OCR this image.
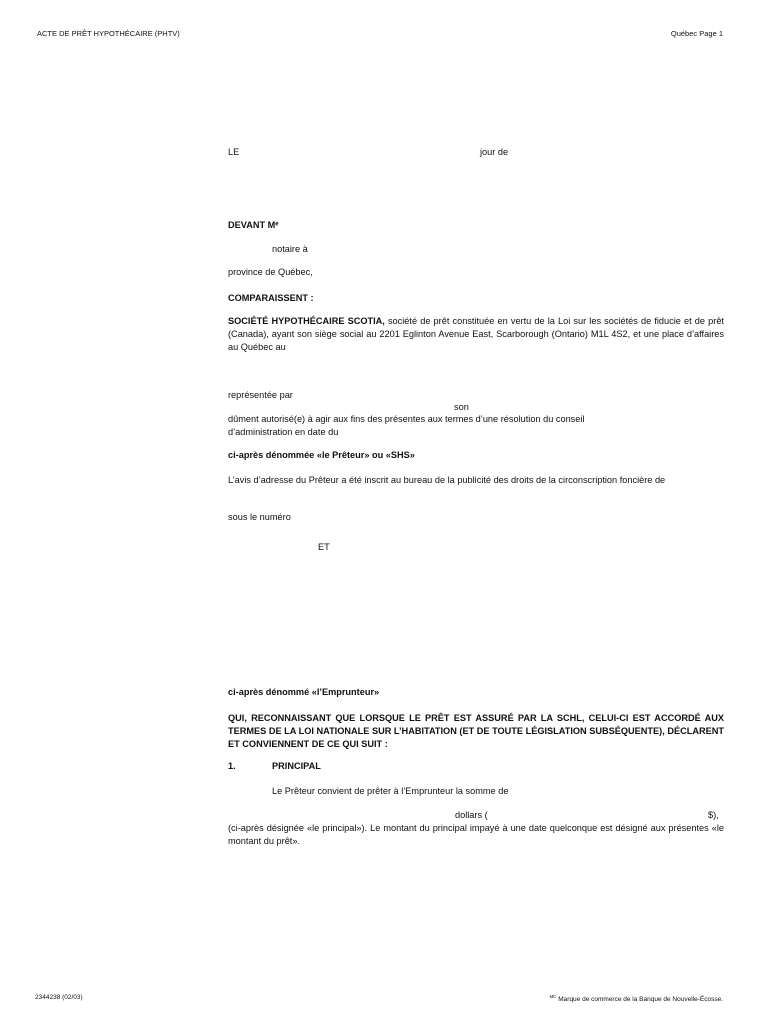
ACTE DE PRÊT HYPOTHÉCAIRE (PHTV)	Québec Page 1
LE	jour de
DEVANT Mᵉ
notaire à
province de Québec,
COMPARAISSENT :
SOCIÉTÉ HYPOTHÉCAIRE SCOTIA, société de prêt constituée en vertu de la Loi sur les sociétés de fiducie et de prêt (Canada), ayant son siège social au 2201 Eglinton Avenue East, Scarborough (Ontario) M1L 4S2, et une place d’affaires au Québec au
représentée par
son
dûment autorisé(e) à agir aux fins des présentes aux termes d’une résolution du conseil
d’administration en date du
ci-après dénommée «le Prêteur» ou «SHS»
L’avis d’adresse du Prêteur a été inscrit au bureau de la publicité des droits de la circonscription foncière de
sous le numéro
ET
ci-après dénommé «l’Emprunteur»
QUI, RECONNAISSANT QUE LORSQUE LE PRÊT EST ASSURÉ PAR LA SCHL, CELUI-CI EST ACCORDÉ AUX TERMES DE LA LOI NATIONALE SUR L’HABITATION (ET DE TOUTE LÉGISLATION SUBSÉQUENTE), DÉCLARENT ET CONVIENNENT DE CE QUI SUIT :
1.	PRINCIPAL
Le Prêteur convient de prêter à l’Emprunteur la somme de
dollars (	$),
(ci-après désignée «le principal»). Le montant du principal impayé à une date quelconque est désigné aux présentes «le montant du prêt».
2344238 (02/03)	$^{MC}$ Marque de commerce de la Banque de Nouvelle-Écosse.
